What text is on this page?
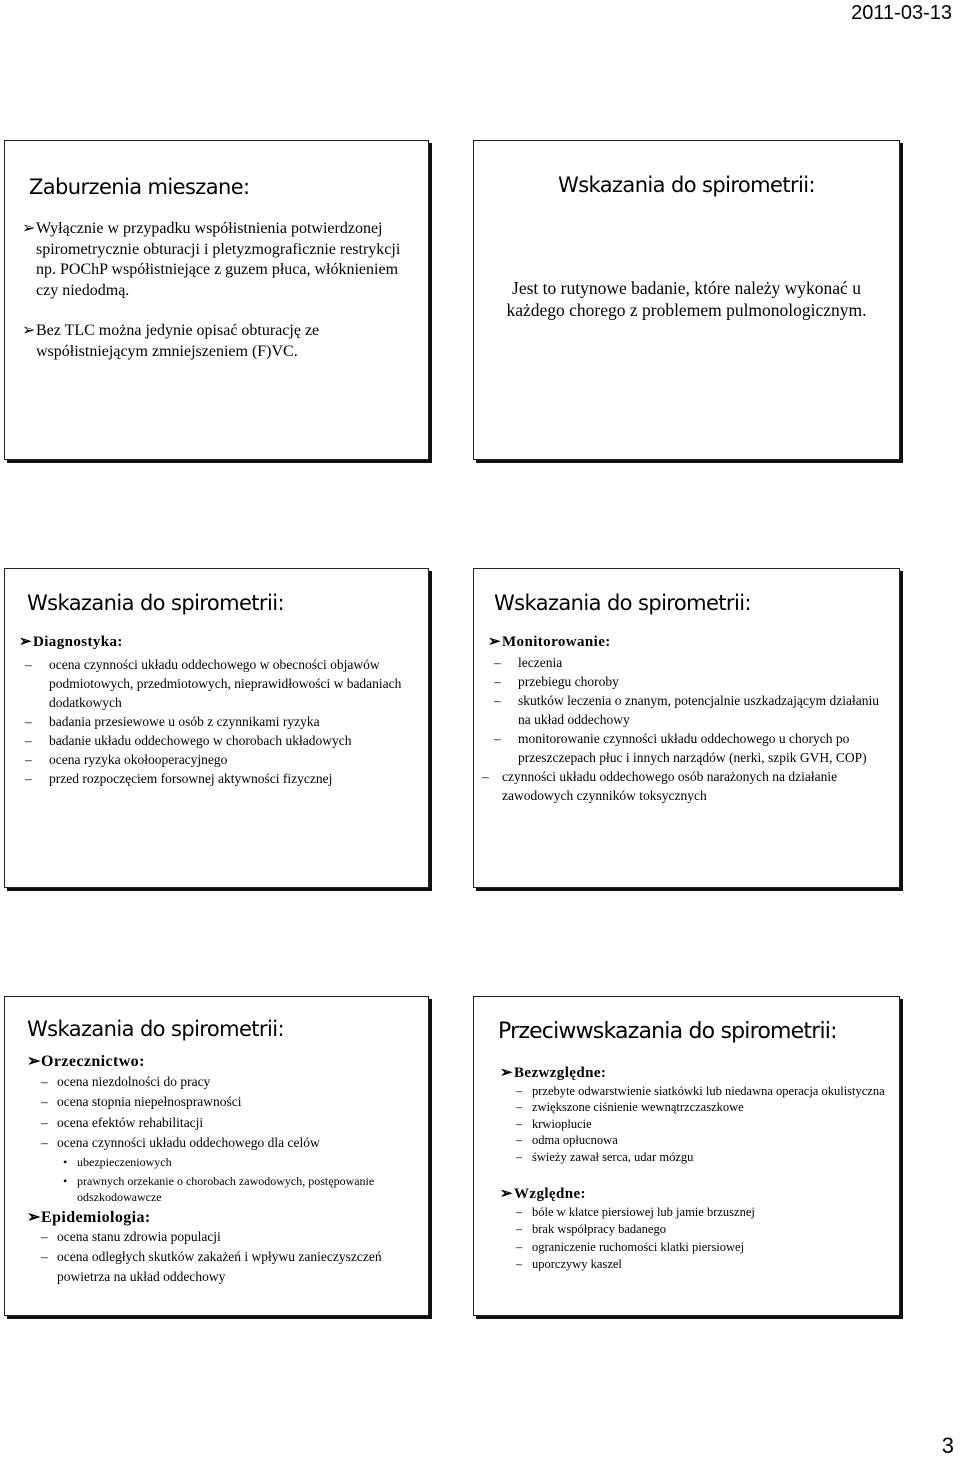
2011-03-13
Zaburzenia mieszane:
➢ Wyłącznie w przypadku współistnienia potwierdzonej spirometrycznie obturacji i pletyzmograficznie restrykcji np. POChP współistniejące z guzem płuca, włóknieniem czy niedodmą.
➢ Bez TLC można jedynie opisać obturację ze współistniejącym zmniejszeniem (F)VC.
Wskazania do spirometrii:
Jest to rutynowe badanie, które należy wykonać u każdego chorego z problemem pulmonologicznym.
Wskazania do spirometrii:
➢ Diagnostyka:
– ocena czynności układu oddechowego w obecności objawów podmiotowych, przedmiotowych, nieprawidłowości w badaniach dodatkowych
– badania przesiewowe u osób z czynnikami ryzyka
– badanie układu oddechowego w chorobach układowych
– ocena ryzyka okołooperacyjnego
– przed rozpoczęciem forsownej aktywności fizycznej
Wskazania do spirometrii:
➢ Monitorowanie:
– leczenia
– przebiegu choroby
– skutków leczenia o znanym, potencjalnie uszkadzającym działaniu na układ oddechowy
– monitorowanie czynności układu oddechowego u chorych po przeszczepach płuc i innych narządów (nerki, szpik GVH, COP)
– czynności układu oddechowego osób narażonych na działanie zawodowych czynników toksycznych
Wskazania do spirometrii:
➢ Orzecznictwo:
– ocena niezdolności do pracy
– ocena stopnia niepełnosprawności
– ocena efektów rehabilitacji
– ocena czynności układu oddechowego dla celów
• ubezpieczeniowych
• prawnych orzekanie o chorobach zawodowych, postępowanie odszkodowawcze
➢ Epidemiologia:
– ocena stanu zdrowia populacji
– ocena odległych skutków zakażeń i wpływu zanieczyszczeń powietrza na układ oddechowy
Przeciwwskazania do spirometrii:
➢ Bezwzględne:
– przebyte odwarstwienie siatkówki lub niedawna operacja okulistyczna
– zwiększone ciśnienie wewnątrzczaszkowe
– krwioplucie
– odma opłucnowa
– świeży zawał serca, udar mózgu
➢ Względne:
– bóle w klatce piersiowej lub jamie brzusznej
– brak współpracy badanego
– ograniczenie ruchomości klatki piersiowej
– uporczywy kaszel
3
